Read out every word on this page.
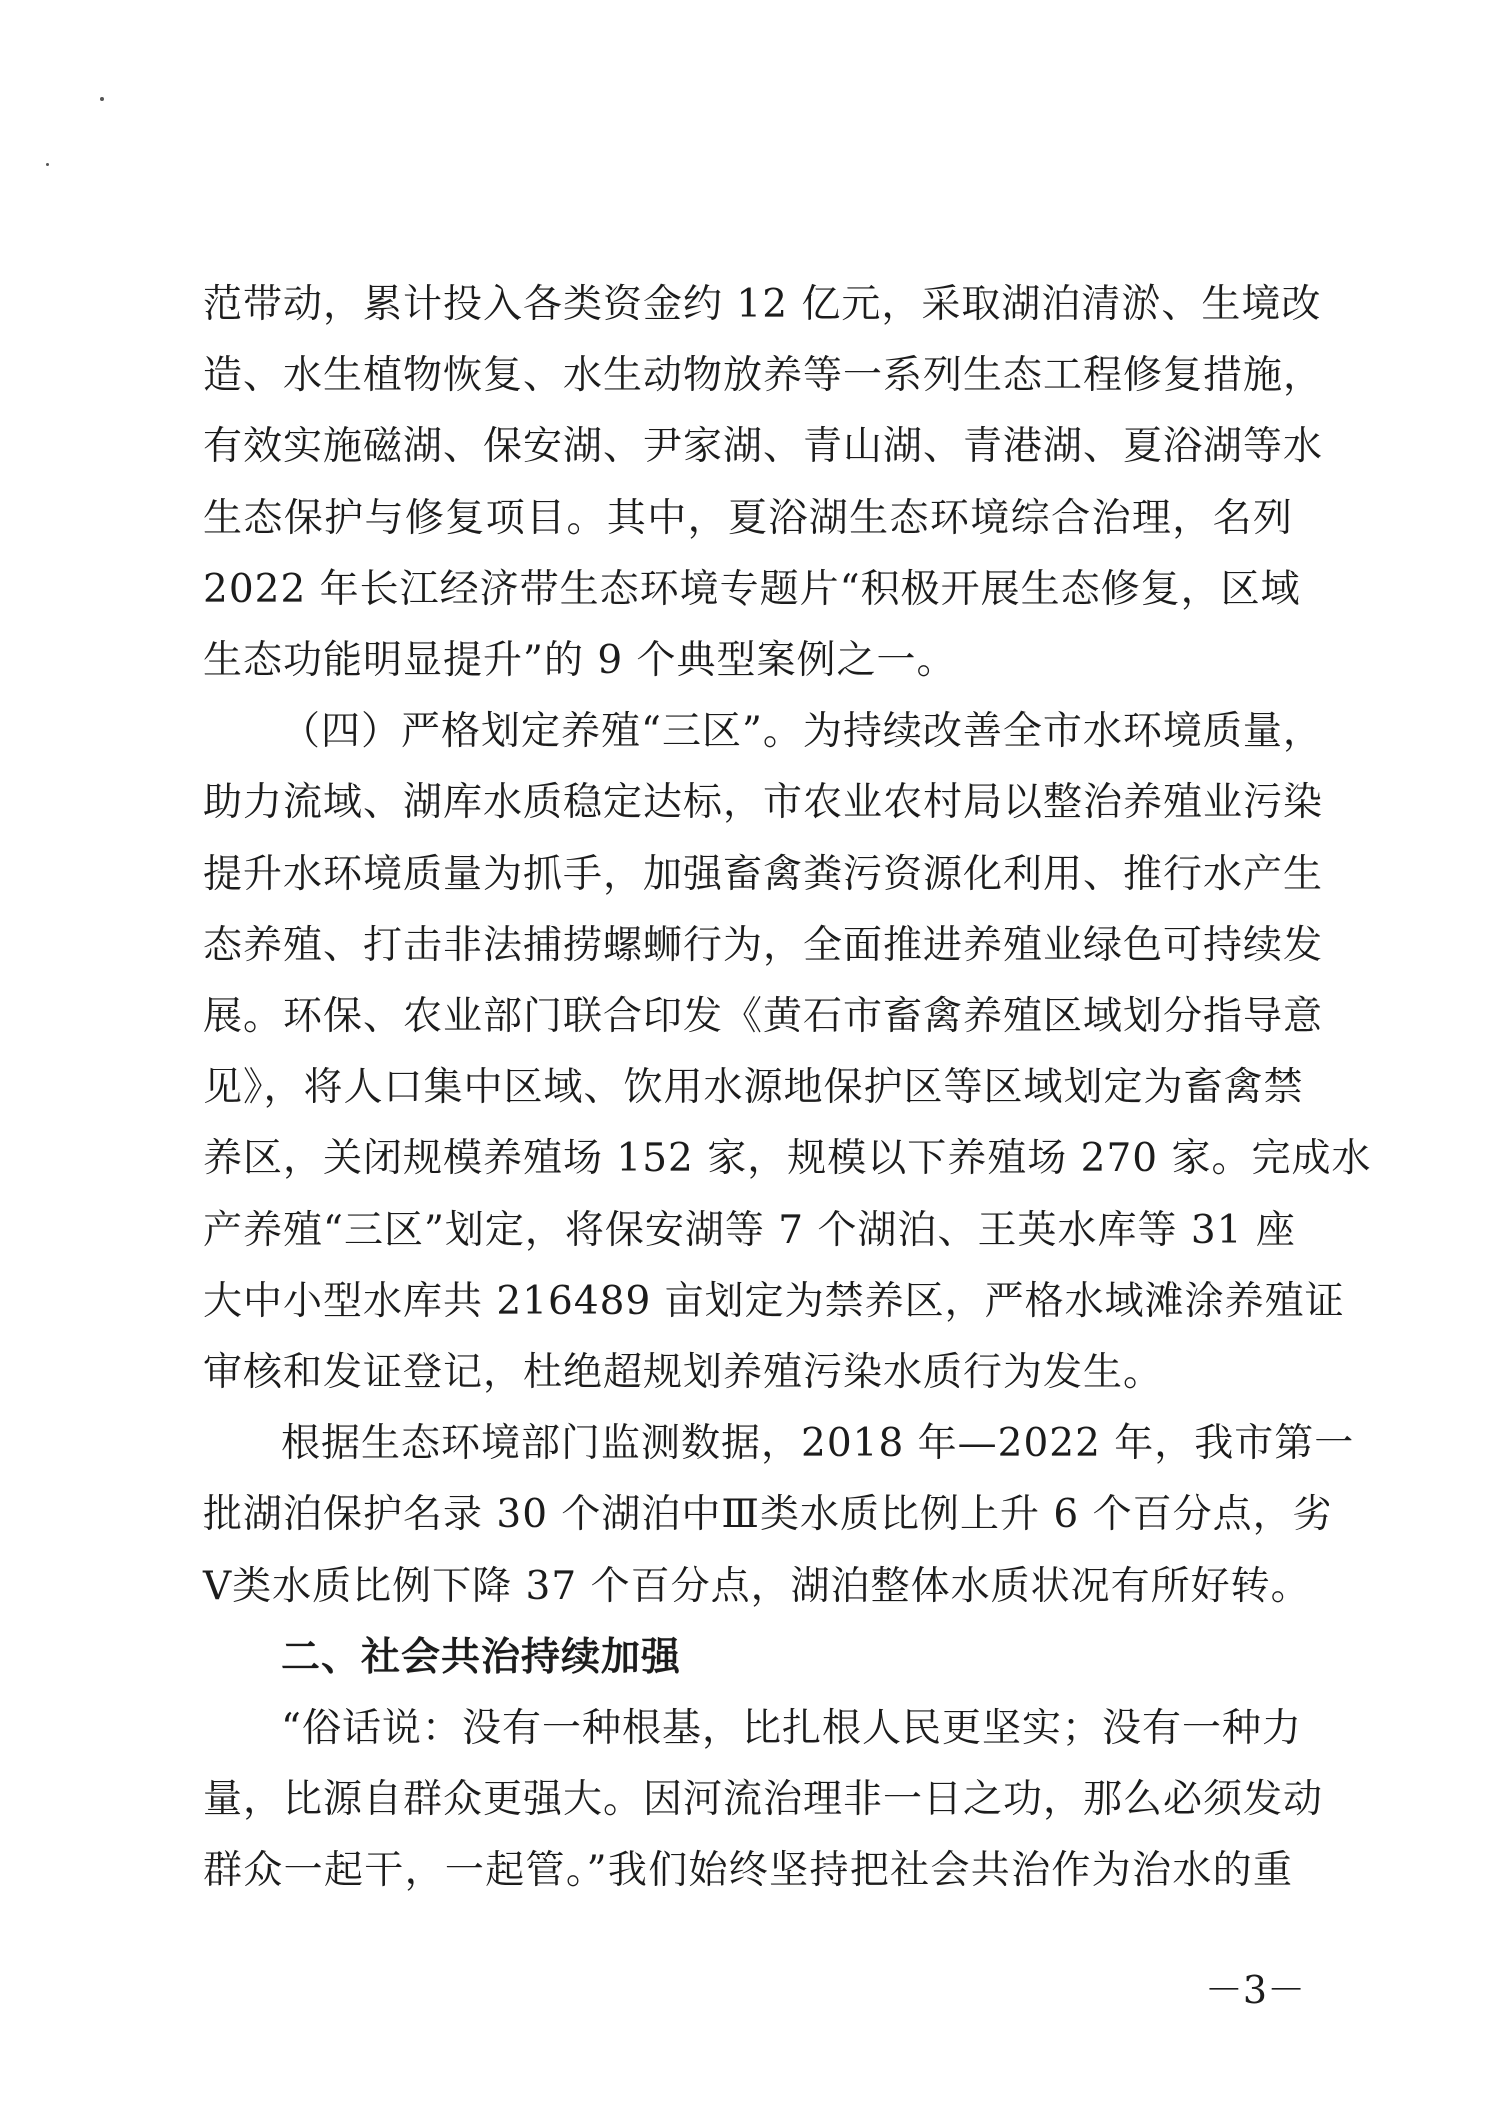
范带动，累计投入各类资金约 12 亿元，采取湖泊清淤、生境改
造、水生植物恢复、水生动物放养等一系列生态工程修复措施，
有效实施磁湖、保安湖、尹家湖、青山湖、青港湖、夏浴湖等水
生态保护与修复项目。其中，夏浴湖生态环境综合治理，名列
2022 年长江经济带生态环境专题片“积极开展生态修复，区域
生态功能明显提升”的 9 个典型案例之一。
（四）严格划定养殖“三区”。为持续改善全市水环境质量，
助力流域、湖库水质稳定达标，市农业农村局以整治养殖业污染
提升水环境质量为抓手，加强畜禽粪污资源化利用、推行水产生
态养殖、打击非法捕捞螺蛳行为，全面推进养殖业绿色可持续发
展。环保、农业部门联合印发《黄石市畜禽养殖区域划分指导意
见》，将人口集中区域、饮用水源地保护区等区域划定为畜禽禁
养区，关闭规模养殖场 152 家，规模以下养殖场 270 家。完成水
产养殖“三区”划定，将保安湖等 7 个湖泊、王英水库等 31 座
大中小型水库共 216489 亩划定为禁养区，严格水域滩涂养殖证
审核和发证登记，杜绝超规划养殖污染水质行为发生。
根据生态环境部门监测数据，2018 年—2022 年，我市第一
批湖泊保护名录 30 个湖泊中Ⅲ类水质比例上升 6 个百分点，劣
Ⅴ类水质比例下降 37 个百分点，湖泊整体水质状况有所好转。
二、社会共治持续加强
“俗话说：没有一种根基，比扎根人民更坚实；没有一种力
量，比源自群众更强大。因河流治理非一日之功，那么必须发动
群众一起干，一起管。”我们始终坚持把社会共治作为治水的重
－3－
